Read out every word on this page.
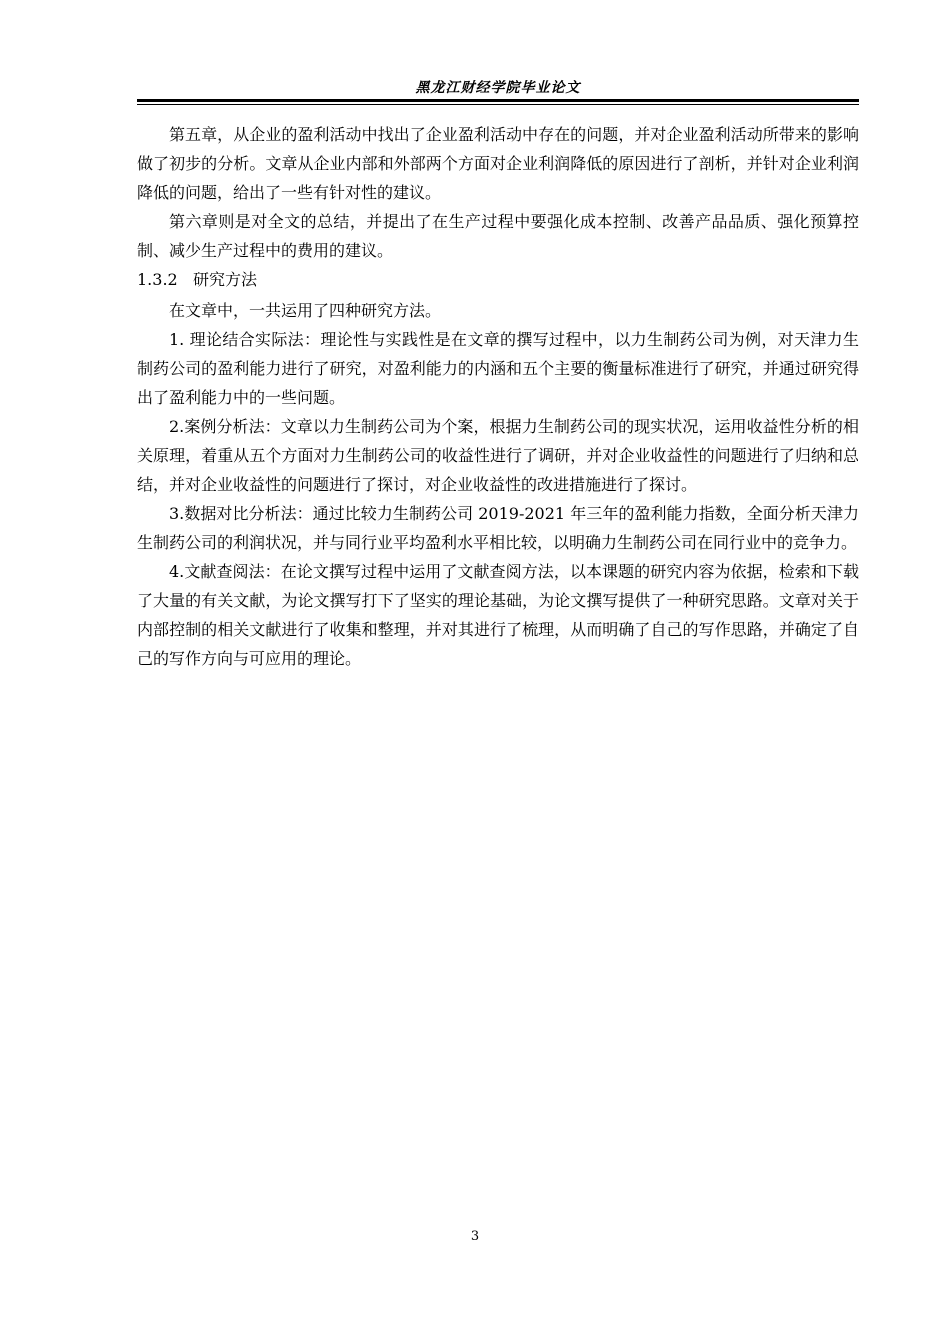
黑龙江财经学院毕业论文

第五章，从企业的盈利活动中找出了企业盈利活动中存在的问题，并对企业盈利活动所带来的影响做了初步的分析。文章从企业内部和外部两个方面对企业利润降低的原因进行了剖析，并针对企业利润降低的问题，给出了一些有针对性的建议。

第六章则是对全文的总结，并提出了在生产过程中要强化成本控制、改善产品品质、强化预算控制、减少生产过程中的费用的建议。

1.3.2 研究方法

在文章中，一共运用了四种研究方法。

1. 理论结合实际法：理论性与实践性是在文章的撰写过程中，以力生制药公司为例，对天津力生制药公司的盈利能力进行了研究，对盈利能力的内涵和五个主要的衡量标准进行了研究，并通过研究得出了盈利能力中的一些问题。

2.案例分析法：文章以力生制药公司为个案，根据力生制药公司的现实状况，运用收益性分析的相关原理，着重从五个方面对力生制药公司的收益性进行了调研，并对企业收益性的问题进行了归纳和总结，并对企业收益性的问题进行了探讨，对企业收益性的改进措施进行了探讨。

3.数据对比分析法：通过比较力生制药公司 2019-2021 年三年的盈利能力指数，全面分析天津力生制药公司的利润状况，并与同行业平均盈利水平相比较，以明确力生制药公司在同行业中的竞争力。

4.文献查阅法：在论文撰写过程中运用了文献查阅方法，以本课题的研究内容为依据，检索和下载了大量的有关文献，为论文撰写打下了坚实的理论基础，为论文撰写提供了一种研究思路。文章对关于内部控制的相关文献进行了收集和整理，并对其进行了梳理，从而明确了自己的写作思路，并确定了自己的写作方向与可应用的理论。

3
